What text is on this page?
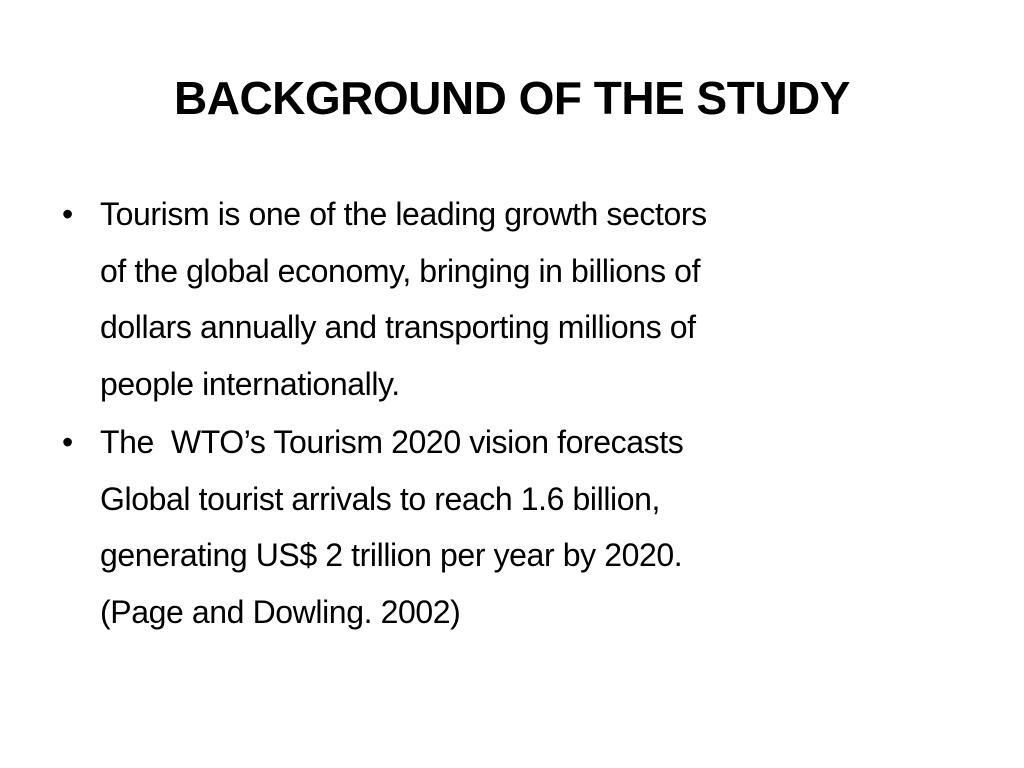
BACKGROUND OF THE STUDY
• Tourism is one of the leading growth sectors
of the global economy, bringing in billions of
dollars annually and transporting millions of
people internationally.
• The  WTO’s Tourism 2020 vision forecasts
Global tourist arrivals to reach 1.6 billion,
generating US$ 2 trillion per year by 2020.
(Page and Dowling. 2002)
